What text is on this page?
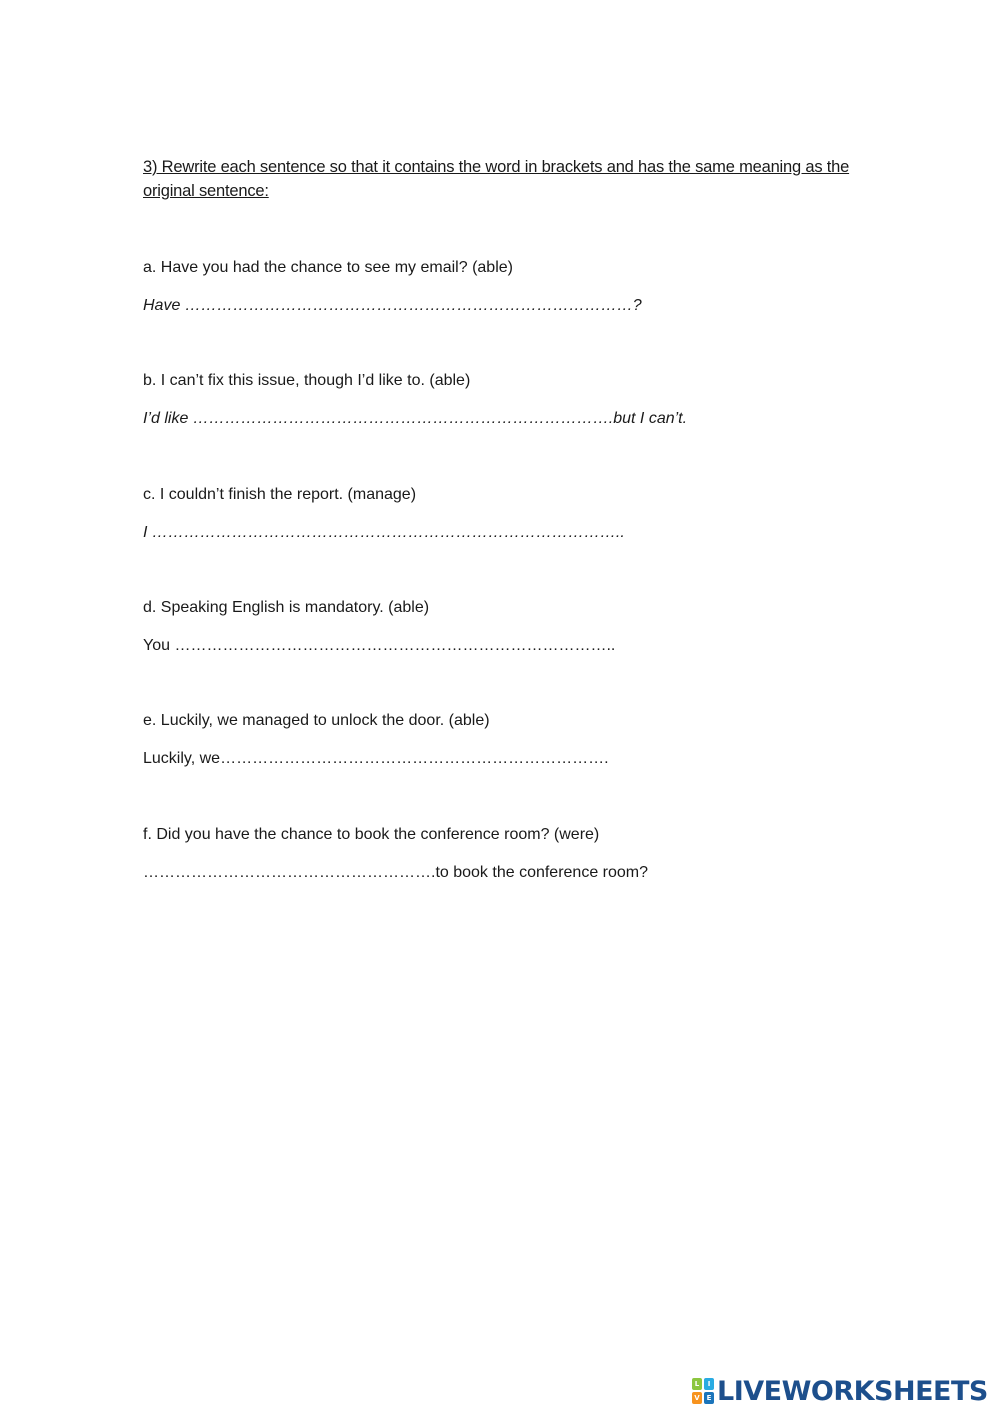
3) Rewrite each sentence so that it contains the word in brackets and has the same meaning as the original sentence:
a. Have you had the chance to see my email? (able)
Have …………………………………………………………………………?
b. I can’t fix this issue, though I’d like to. (able)
I’d like …………………………………………………………………….but I can’t.
c. I couldn’t finish the report. (manage)
I ……………………………………………………………………………..
d. Speaking English is mandatory. (able)
You ………………………………………………………………………..
e. Luckily, we managed to unlock the door. (able)
Luckily, we……………………………………………………………….
f. Did you have the chance to book the conference room? (were)
……………………………………………….to book the conference room?
L	I
V E LIVEWORKSHEETS
